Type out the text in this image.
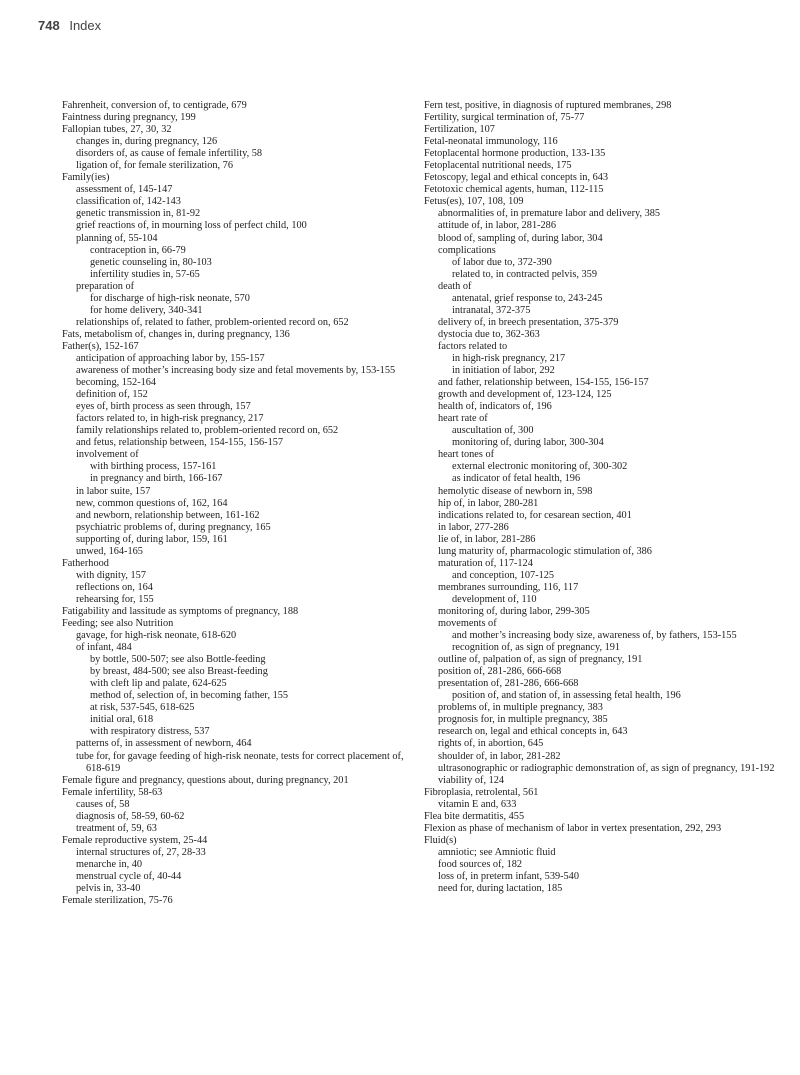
748 Index
Fahrenheit, conversion of, to centigrade, 679
Faintness during pregnancy, 199
Fallopian tubes, 27, 30, 32
changes in, during pregnancy, 126
disorders of, as cause of female infertility, 58
ligation of, for female sterilization, 76
Family(ies)
assessment of, 145-147
classification of, 142-143
genetic transmission in, 81-92
grief reactions of, in mourning loss of perfect child, 100
planning of, 55-104
contraception in, 66-79
genetic counseling in, 80-103
infertility studies in, 57-65
preparation of
for discharge of high-risk neonate, 570
for home delivery, 340-341
relationships of, related to father, problem-oriented record on, 652
Fats, metabolism of, changes in, during pregnancy, 136
Father(s), 152-167
anticipation of approaching labor by, 155-157
awareness of mother’s increasing body size and fetal movements by, 153-155
becoming, 152-164
definition of, 152
eyes of, birth process as seen through, 157
factors related to, in high-risk pregnancy, 217
family relationships related to, problem-oriented record on, 652
and fetus, relationship between, 154-155, 156-157
involvement of
with birthing process, 157-161
in pregnancy and birth, 166-167
in labor suite, 157
new, common questions of, 162, 164
and newborn, relationship between, 161-162
psychiatric problems of, during pregnancy, 165
supporting of, during labor, 159, 161
unwed, 164-165
Fatherhood
with dignity, 157
reflections on, 164
rehearsing for, 155
Fatigability and lassitude as symptoms of pregnancy, 188
Feeding; see also Nutrition
gavage, for high-risk neonate, 618-620
of infant, 484
by bottle, 500-507; see also Bottle-feeding
by breast, 484-500; see also Breast-feeding
with cleft lip and palate, 624-625
method of, selection of, in becoming father, 155
at risk, 537-545, 618-625
initial oral, 618
with respiratory distress, 537
patterns of, in assessment of newborn, 464
tube for, for gavage feeding of high-risk neonate, tests for correct placement of, 618-619
Female figure and pregnancy, questions about, during pregnancy, 201
Female infertility, 58-63
causes of, 58
diagnosis of, 58-59, 60-62
treatment of, 59, 63
Female reproductive system, 25-44
internal structures of, 27, 28-33
menarche in, 40
menstrual cycle of, 40-44
pelvis in, 33-40
Female sterilization, 75-76
Fern test, positive, in diagnosis of ruptured membranes, 298
Fertility, surgical termination of, 75-77
Fertilization, 107
Fetal-neonatal immunology, 116
Fetoplacental hormone production, 133-135
Fetoplacental nutritional needs, 175
Fetoscopy, legal and ethical concepts in, 643
Fetotoxic chemical agents, human, 112-115
Fetus(es), 107, 108, 109
abnormalities of, in premature labor and delivery, 385
attitude of, in labor, 281-286
blood of, sampling of, during labor, 304
complications
of labor due to, 372-390
related to, in contracted pelvis, 359
death of
antenatal, grief response to, 243-245
intranatal, 372-375
delivery of, in breech presentation, 375-379
dystocia due to, 362-363
factors related to
in high-risk pregnancy, 217
in initiation of labor, 292
and father, relationship between, 154-155, 156-157
growth and development of, 123-124, 125
health of, indicators of, 196
heart rate of
auscultation of, 300
monitoring of, during labor, 300-304
heart tones of
external electronic monitoring of, 300-302
as indicator of fetal health, 196
hemolytic disease of newborn in, 598
hip of, in labor, 280-281
indications related to, for cesarean section, 401
in labor, 277-286
lie of, in labor, 281-286
lung maturity of, pharmacologic stimulation of, 386
maturation of, 117-124
and conception, 107-125
membranes surrounding, 116, 117
development of, 110
monitoring of, during labor, 299-305
movements of
and mother’s increasing body size, awareness of, by fathers, 153-155
recognition of, as sign of pregnancy, 191
outline of, palpation of, as sign of pregnancy, 191
position of, 281-286, 666-668
presentation of, 281-286, 666-668
position of, and station of, in assessing fetal health, 196
problems of, in multiple pregnancy, 383
prognosis for, in multiple pregnancy, 385
research on, legal and ethical concepts in, 643
rights of, in abortion, 645
shoulder of, in labor, 281-282
ultrasonographic or radiographic demonstration of, as sign of pregnancy, 191-192
viability of, 124
Fibroplasia, retrolental, 561
vitamin E and, 633
Flea bite dermatitis, 455
Flexion as phase of mechanism of labor in vertex presentation, 292, 293
Fluid(s)
amniotic; see Amniotic fluid
food sources of, 182
loss of, in preterm infant, 539-540
need for, during lactation, 185
